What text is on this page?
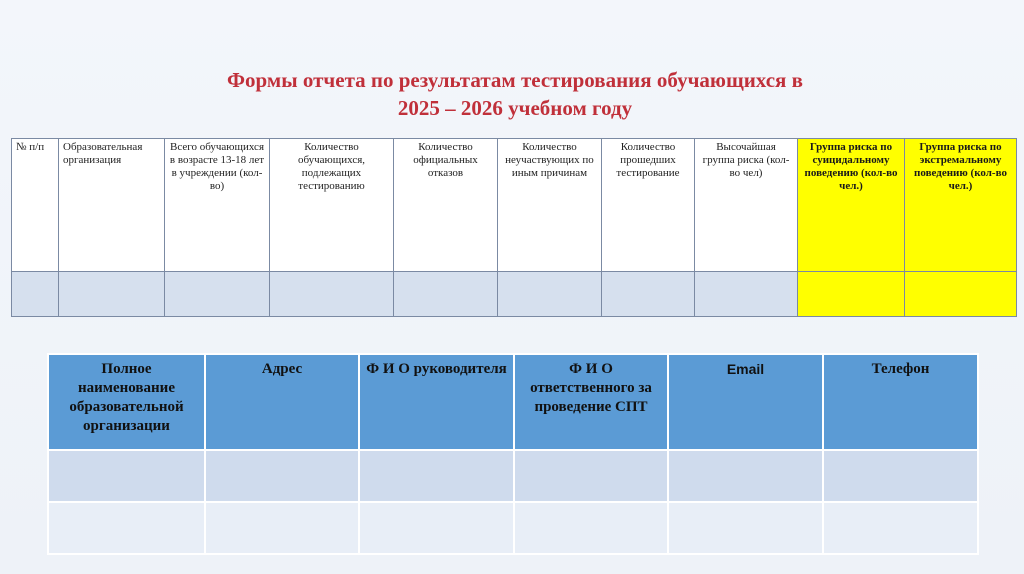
Формы отчета по результатам тестирования обучающихся в
2025 – 2026 учебном году
№ п/п	Образовательная организация	Всего обучающихся в возрасте 13-18 лет в учреждении (кол-во)	Количество обучающихся, подлежащих тестированию	Количество официальных отказов	Количество неучаствующих по иным причинам	Количество прошедших тестирование	Высочайшая группа риска (кол-во чел)	Группа риска по суицидальному поведению (кол-во чел.)	Группа риска по экстремальному поведению (кол-во чел.)

Полное наименование образовательной организации	Адрес	Ф И О руководителя	Ф И О ответственного за проведение СПТ	Email	Телефон
